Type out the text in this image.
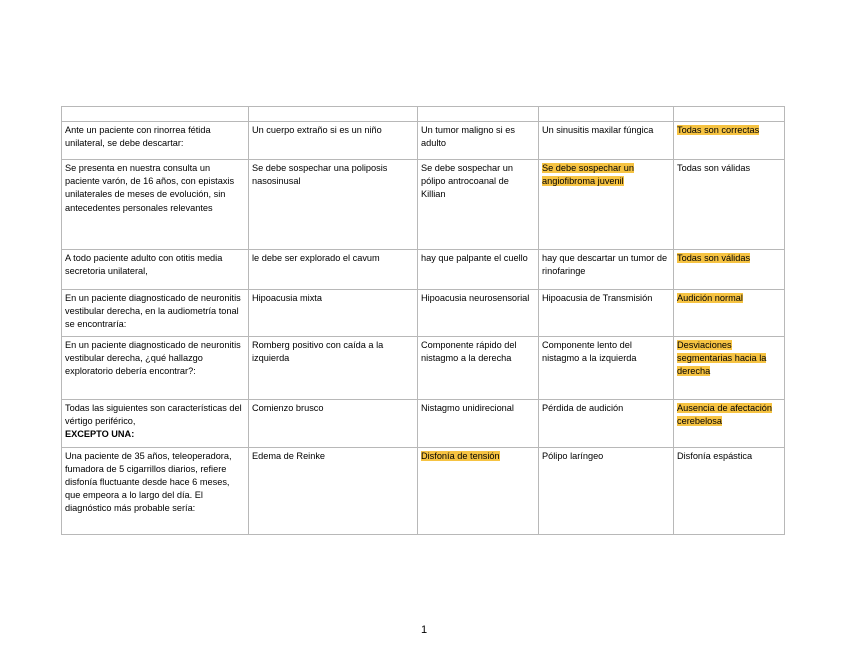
Ante un paciente con rinorrea fétida unilateral, se debe descartar:	Un cuerpo extraño si es un niño	Un tumor maligno si es adulto	Un sinusitis maxilar fúngica	Todas son correctas
Se presenta en nuestra consulta un paciente varón, de 16 años, con epistaxis unilaterales de meses de evolución, sin antecedentes personales relevantes	Se debe sospechar una poliposis nasosinusal	Se debe sospechar un pólipo antrocoanal de Killian	Se debe sospechar un angiofibroma juvenil	Todas son válidas
A todo paciente adulto con otitis media secretoria unilateral,	le debe ser explorado el cavum	hay que palpante el cuello	hay que descartar un tumor de rinofaringe	Todas son válidas
En un paciente diagnosticado de neuronitis vestibular derecha, en la audiometría tonal se encontraría:	Hipoacusia mixta	Hipoacusia neurosensorial	Hipoacusia de Transmisión	Audición normal
En un paciente diagnosticado de neuronitis vestibular derecha, ¿qué hallazgo exploratorio debería encontrar?:	Romberg positivo con caída a la izquierda	Componente rápido del nistagmo a la derecha	Componente lento del nistagmo a la izquierda	Desviaciones segmentarias hacia la derecha
Todas las siguientes son características del vértigo periférico,
EXCEPTO UNA:	Comienzo brusco	Nistagmo unidirecional	Pérdida de audición	Ausencia de afectación cerebelosa
Una paciente de 35 años, teleoperadora, fumadora de 5 cigarrillos diarios, refiere disfonía fluctuante desde hace 6 meses, que empeora a lo largo del día. El diagnóstico más probable sería:	Edema de Reinke	Disfonía de tensión	Pólipo laríngeo	Disfonía espástica
1
